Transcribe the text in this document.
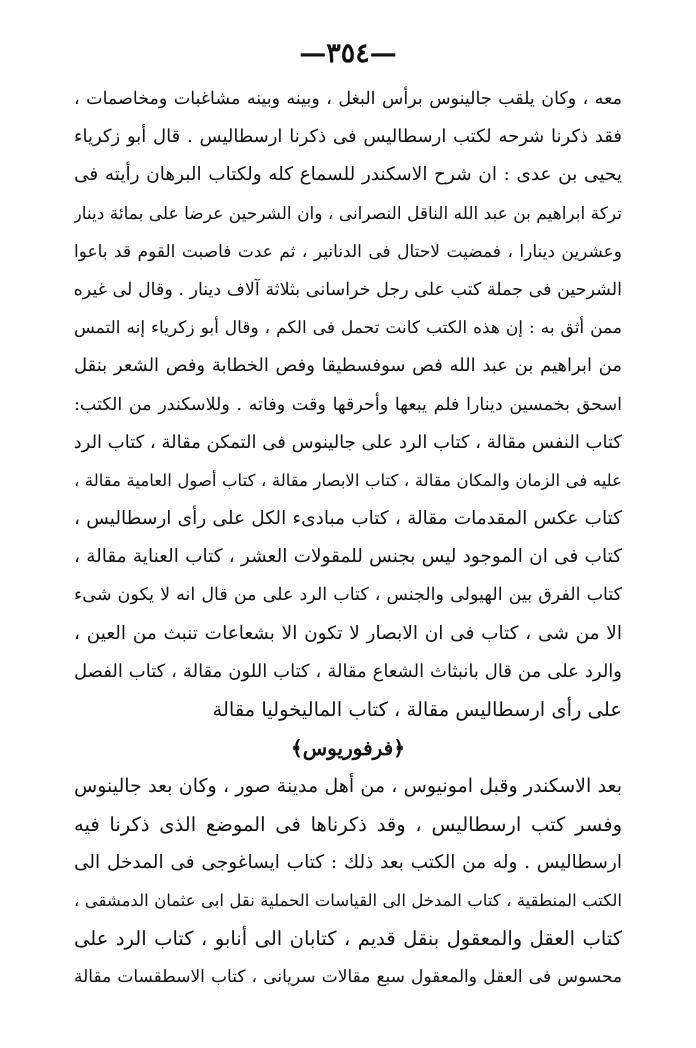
—٣٥٤—
معه ، وكان يلقب جالينوس برأس البغل ، وبينه وبينه مشاغبات ومخاصمات ،
فقد ذكرنا شرحه لكتب ارسطاليس فى ذكرنا ارسطاليس . قال أبو زكرياء
يحيى بن عدى : ان شرح الاسكندر للسماع كله ولكتاب البرهان رأيته فى
تركة ابراهيم بن عبد الله الناقل النصرانى ، وان الشرحين عرضا على بمائة دينار
وعشرين دينارا ، فمضيت لاحتال فى الدنانير ، ثم عدت فاصبت القوم قد باعوا
الشرحين فى جملة كتب على رجل خراسانى بثلاثة آلاف دينار . وقال لى غيره
ممن أثق به : إن هذه الكتب كانت تحمل فى الكم ، وقال أبو زكرياء إنه التمس
من ابراهيم بن عبد الله فص سوفسطيقا وفص الخطابة وفص الشعر بنقل
اسحق بخمسين دينارا فلم يبعها وأحرقها وقت وفاته . وللاسكندر من الكتب:
كتاب النفس مقالة ، كتاب الرد على جالينوس فى التمكن مقالة ، كتاب الرد
عليه فى الزمان والمكان مقالة ، كتاب الابصار مقالة ، كتاب أصول العامية مقالة ،
كتاب عكس المقدمات مقالة ، كتاب مبادىء الكل على رأى ارسطاليس ،
كتاب فى ان الموجود ليس بجنس للمقولات العشر ، كتاب العناية مقالة ،
كتاب الفرق بين الهيولى والجنس ، كتاب الرد على من قال انه لا يكون شىء
الا من شى ، كتاب فى ان الابصار لا تكون الا بشعاعات تنبث من العين ،
والرد على من قال بانبثاث الشعاع مقالة ، كتاب اللون مقالة ، كتاب الفصل
على رأى ارسطاليس مقالة ، كتاب الماليخوليا مقالة
﴿فرفوريوس﴾
بعد الاسكندر وقبل امونيوس ، من أهل مدينة صور ، وكان بعد جالينوس
وفسر كتب ارسطاليس ، وقد ذكرناها فى الموضع الذى ذكرنا فيه
ارسطاليس . وله من الكتب بعد ذلك : كتاب ايساغوجى فى المدخل الى
الكتب المنطقية ، كتاب المدخل الى القياسات الحملية نقل ابى عثمان الدمشقى ،
كتاب العقل والمعقول بنقل قديم ، كتابان الى أنابو ، كتاب الرد على
محسوس فى العقل والمعقول سبع مقالات سريانى ، كتاب الاسطقسات مقالة
